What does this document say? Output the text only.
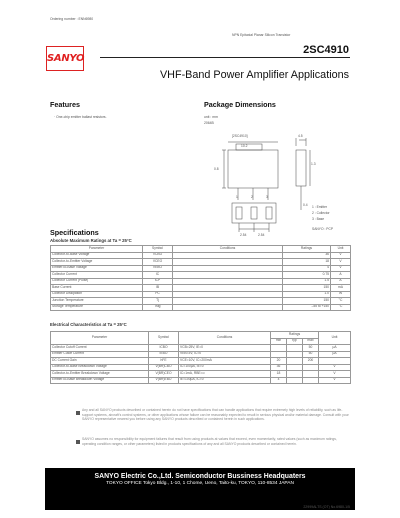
Ordering number : ENN6980
NPN Epitaxial Planar Silicon Transistor
SANYO
2SC4910
VHF-Band Power Amplifier Applications
Features
· One-chip emitter ballast resistors.
Package Dimensions
unit : mm
2064B
[2SC4910]
10.2
4.5
1.3
0.8
2.54	2.54
0.4
1	2	3
1 : Emitter
2 : Collector
3 : Base
SANYO : PCP
Specifications
Absolute Maximum Ratings at Ta = 25°C
Parameter	Symbol	Conditions	Ratings	Unit
Collector-to-Base Voltage	VCBO		36	V
Collector-to-Emitter Voltage	VCEO		18	V
Emitter-to-Base Voltage	VEBO		4	V
Collector Current	IC		0.75	A
Collector Current (Pulse)	ICP		1.5	A
Base Current	IB		150	mA
Collector Dissipation	PC		1.0	W
Junction Temperature	Tj		150	°C
Storage Temperature	Tstg		–55 to +150	°C
Electrical Characteristics at Ta = 25°C
Parameter	Symbol	Conditions	Ratings			Unit
			min	typ	max	
Collector Cutoff Current	ICBO	VCB=25V, IE=0			50	μA
Emitter Cutoff Current	IEBO	VEB=3V, IC=0			50	μA
DC Current Gain	hFE	VCE=10V, IC=200mA	20		200	
Collector-to-Base Breakdown Voltage	V(BR)CBO	IC=100μA, IE=0	36			V
Collector-to-Emitter Breakdown Voltage	V(BR)CEO	IC=1mA, RBE=∞	18			V
Emitter-to-Base Breakdown Voltage	V(BR)EBO	IE=100μA, IC=0	4			V
Any and all SANYO products described or contained herein do not have specifications that can handle applications that require extremely high levels of reliability, such as life-support systems, aircraft's control systems, or other applications whose failure can be reasonably expected to result in serious physical and/or material damage. Consult with your SANYO representative nearest you before using any SANYO products described or contained herein in such applications.
SANYO assumes no responsibility for equipment failures that result from using products at values that exceed, even momentarily, rated values (such as maximum ratings, operating condition ranges, or other parameters) listed in products specifications of any and all SANYO products described or contained herein.
SANYO Electric Co.,Ltd. Semiconductor Bussiness Headquaters
TOKYO OFFICE Tokyo Bldg., 1-10, 1 Chome, Ueno, Taito-ku, TOKYO, 110-8534 JAPAN
22999ALTS (OT) No.6980-1/5
